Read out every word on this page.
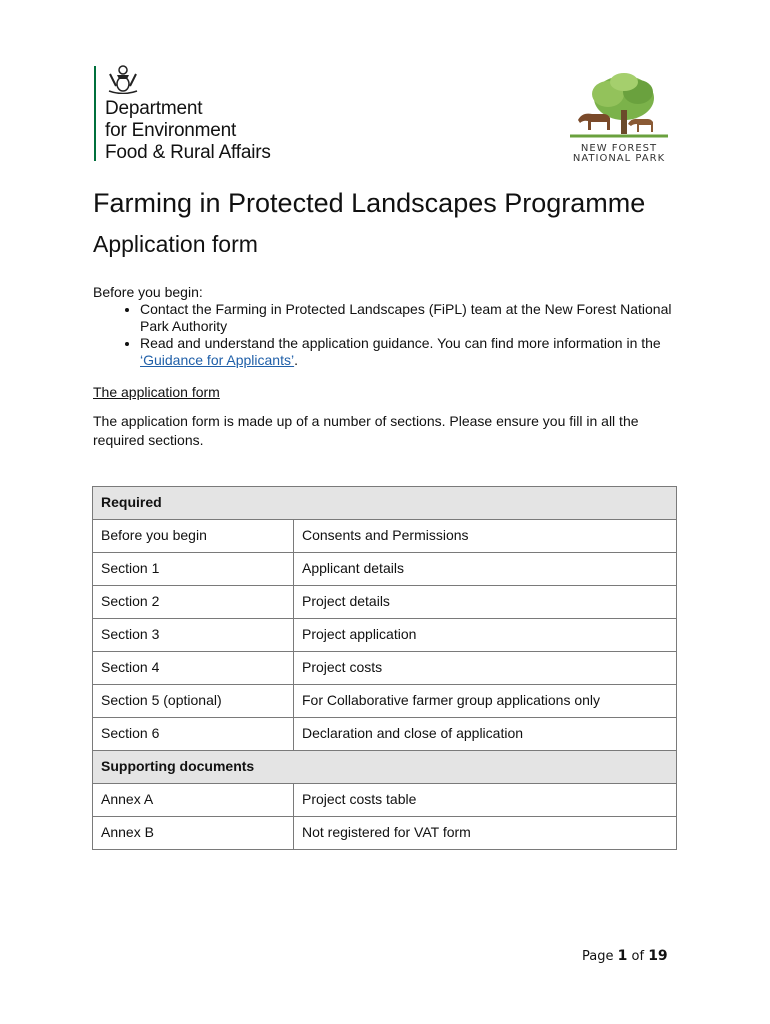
Department
for Environment
Food & Rural Affairs	NEW FOREST
NATIONAL PARK
Farming in Protected Landscapes Programme
Application form

Before you begin:

• Contact the Farming in Protected Landscapes (FiPL) team at the New Forest National Park Authority
• Read and understand the application guidance. You can find more information in the ‘Guidance for Applicants’.
The application form

The application form is made up of a number of sections. Please ensure you fill in all the required sections.

Required	
Before you begin	Consents and Permissions
Section 1	Applicant details
Section 2	Project details
Section 3	Project application
Section 4	Project costs
Section 5 (optional)	For Collaborative farmer group applications only
Section 6	Declaration and close of application
Supporting documents	
Annex A	Project costs table
Annex B	Not registered for VAT form
Page 1 of 19
